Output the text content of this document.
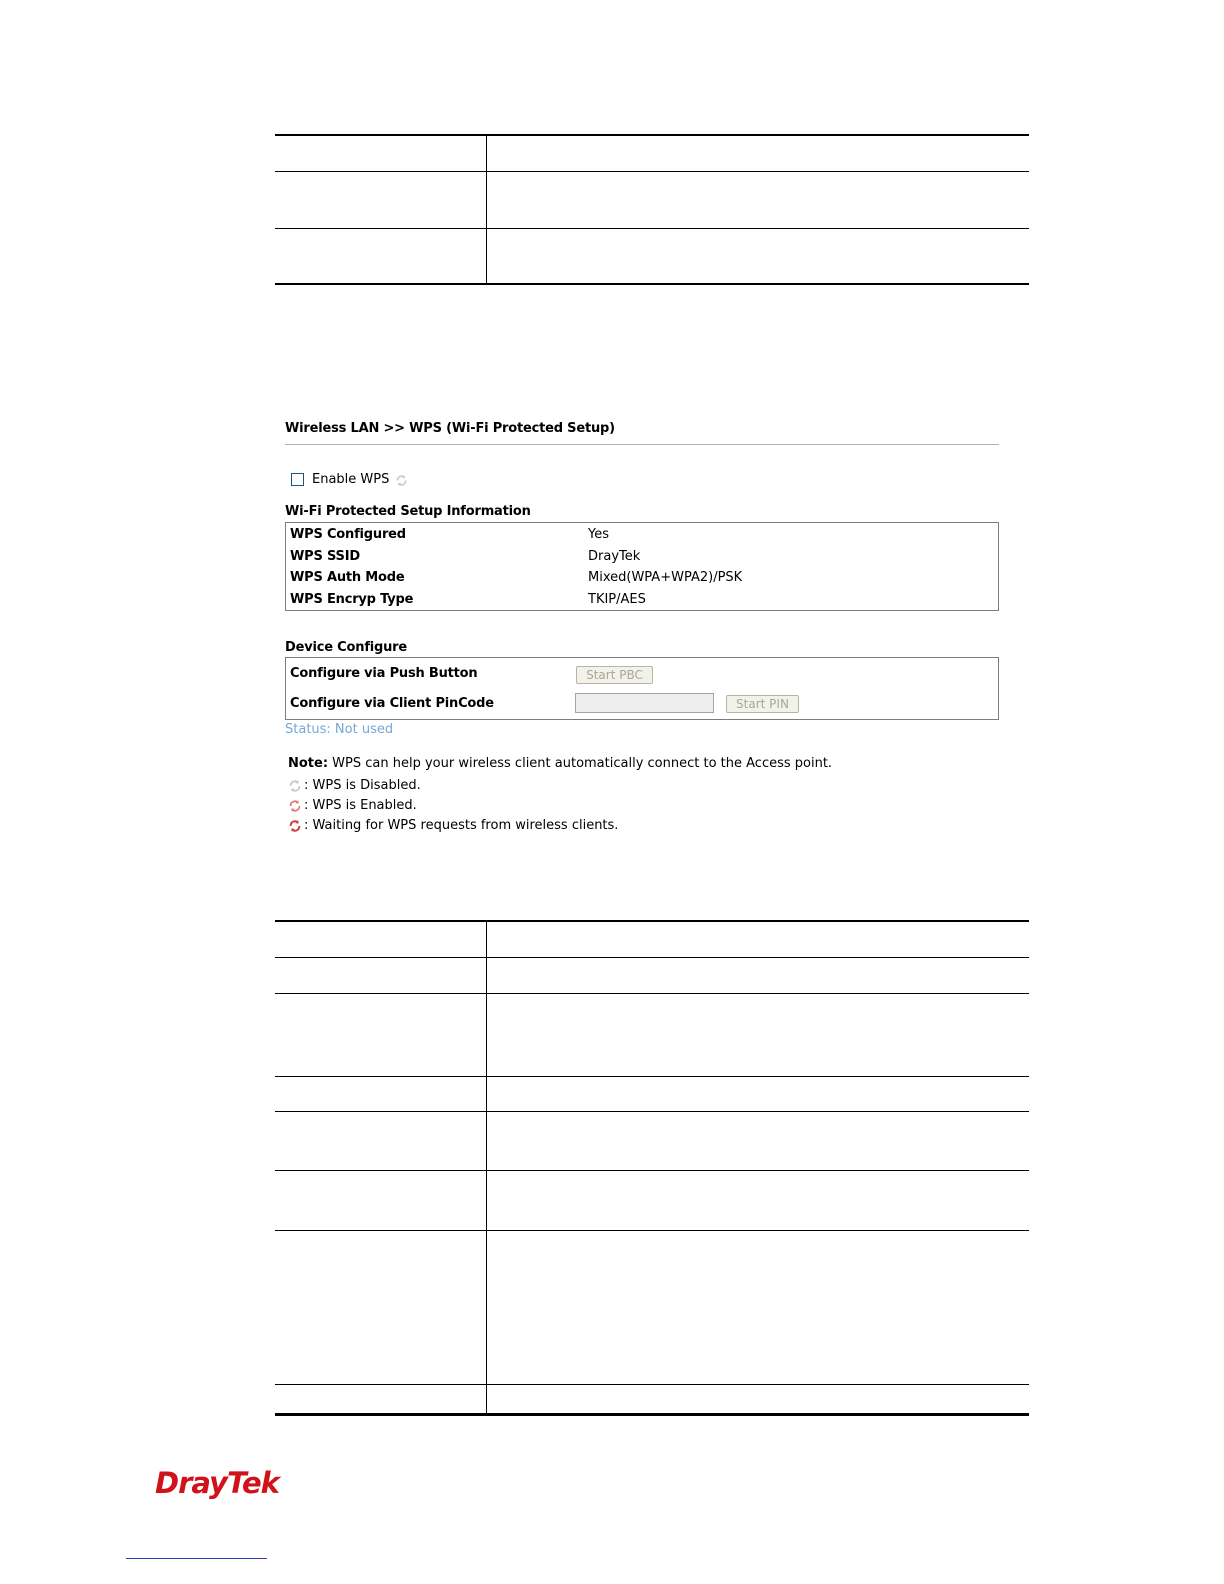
Wireless LAN >> WPS (Wi-Fi Protected Setup)
Enable WPS
Wi-Fi Protected Setup Information
WPS Configured	Yes
WPS SSID	DrayTek
WPS Auth Mode	Mixed(WPA+WPA2)/PSK
WPS Encryp Type	TKIP/AES
Device Configure
Configure via Push Button	Start PBC
Configure via Client PinCode	Start PIN
Status: Not used
Note: WPS can help your wireless client automatically connect to the Access point.
: WPS is Disabled.
: WPS is Enabled.
: Waiting for WPS requests from wireless clients.
DrayTek
